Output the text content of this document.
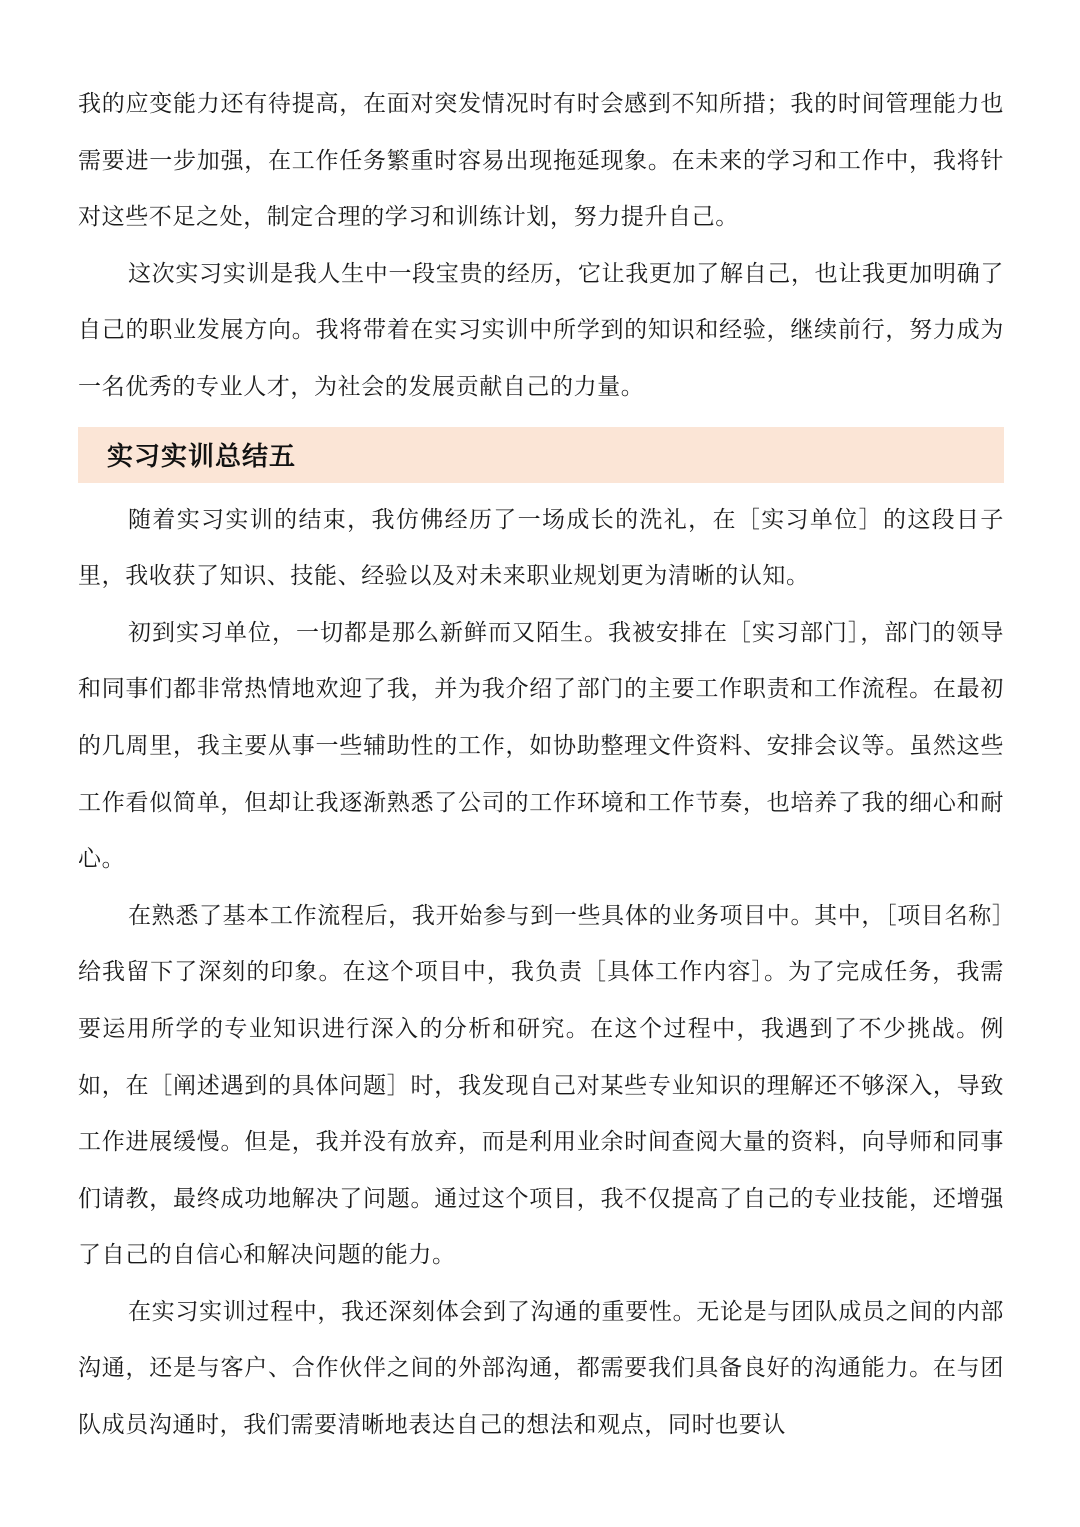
我的应变能力还有待提高，在面对突发情况时有时会感到不知所措；我的时间管理能力也需要进一步加强，在工作任务繁重时容易出现拖延现象。在未来的学习和工作中，我将针对这些不足之处，制定合理的学习和训练计划，努力提升自己。

这次实习实训是我人生中一段宝贵的经历，它让我更加了解自己，也让我更加明确了自己的职业发展方向。我将带着在实习实训中所学到的知识和经验，继续前行，努力成为一名优秀的专业人才，为社会的发展贡献自己的力量。

实习实训总结五

随着实习实训的结束，我仿佛经历了一场成长的洗礼，在［实习单位］的这段日子里，我收获了知识、技能、经验以及对未来职业规划更为清晰的认知。

初到实习单位，一切都是那么新鲜而又陌生。我被安排在［实习部门］，部门的领导和同事们都非常热情地欢迎了我，并为我介绍了部门的主要工作职责和工作流程。在最初的几周里，我主要从事一些辅助性的工作，如协助整理文件资料、安排会议等。虽然这些工作看似简单，但却让我逐渐熟悉了公司的工作环境和工作节奏，也培养了我的细心和耐心。

在熟悉了基本工作流程后，我开始参与到一些具体的业务项目中。其中，［项目名称］给我留下了深刻的印象。在这个项目中，我负责［具体工作内容］。为了完成任务，我需要运用所学的专业知识进行深入的分析和研究。在这个过程中，我遇到了不少挑战。例如，在［阐述遇到的具体问题］时，我发现自己对某些专业知识的理解还不够深入，导致工作进展缓慢。但是，我并没有放弃，而是利用业余时间查阅大量的资料，向导师和同事们请教，最终成功地解决了问题。通过这个项目，我不仅提高了自己的专业技能，还增强了自己的自信心和解决问题的能力。

在实习实训过程中，我还深刻体会到了沟通的重要性。无论是与团队成员之间的内部沟通，还是与客户、合作伙伴之间的外部沟通，都需要我们具备良好的沟通能力。在与团队成员沟通时，我们需要清晰地表达自己的想法和观点，同时也要认
